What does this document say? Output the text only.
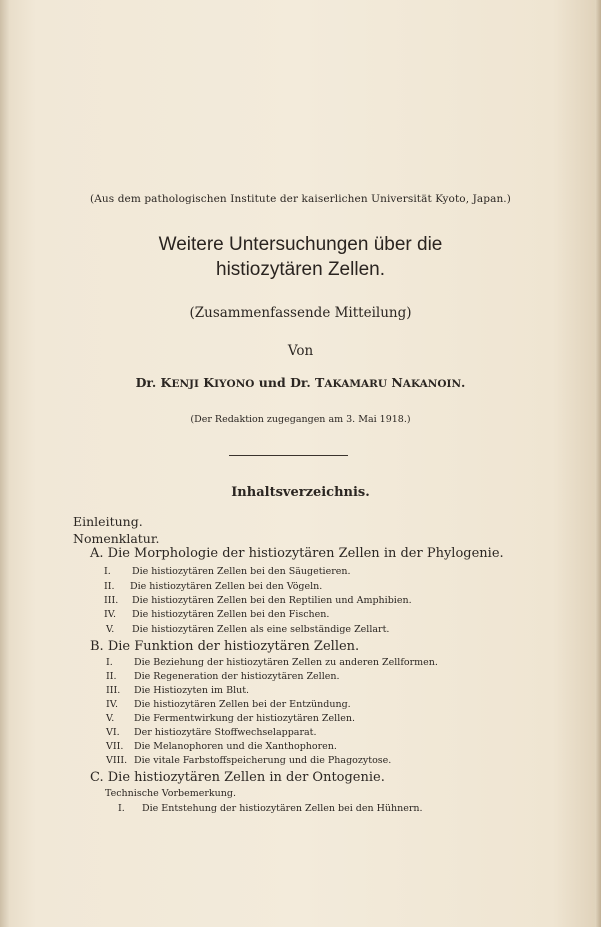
(Aus dem pathologischen Institute der kaiserlichen Universität Kyoto, Japan.)
Weitere Untersuchungen über die
histiozytären Zellen.
(Zusammenfassende Mitteilung)
Von
Dr. KENJI KIYONO und Dr. TAKAMARU NAKANOIN.
(Der Redaktion zugegangen am 3. Mai 1918.)
Inhaltsverzeichnis.
Einleitung.
Nomenklatur.
A. Die Morphologie der histiozytären Zellen in der Phylogenie.
I. Die histiozytären Zellen bei den Säugetieren.
II. Die histiozytären Zellen bei den Vögeln.
III. Die histiozytären Zellen bei den Reptilien und Amphibien.
IV. Die histiozytären Zellen bei den Fischen.
V. Die histiozytären Zellen als eine selbständige Zellart.
B. Die Funktion der histiozytären Zellen.
I. Die Beziehung der histiozytären Zellen zu anderen Zellformen.
II. Die Regeneration der histiozytären Zellen.
III. Die Histiozyten im Blut.
IV. Die histiozytären Zellen bei der Entzündung.
V. Die Fermentwirkung der histiozytären Zellen.
VI. Der histiozytäre Stoffwechselapparat.
VII. Die Melanophoren und die Xanthophoren.
VIII. Die vitale Farbstoffspeicherung und die Phagozytose.
C. Die histiozytären Zellen in der Ontogenie.
Technische Vorbemerkung.
I. Die Entstehung der histiozytären Zellen bei den Hühnern.
